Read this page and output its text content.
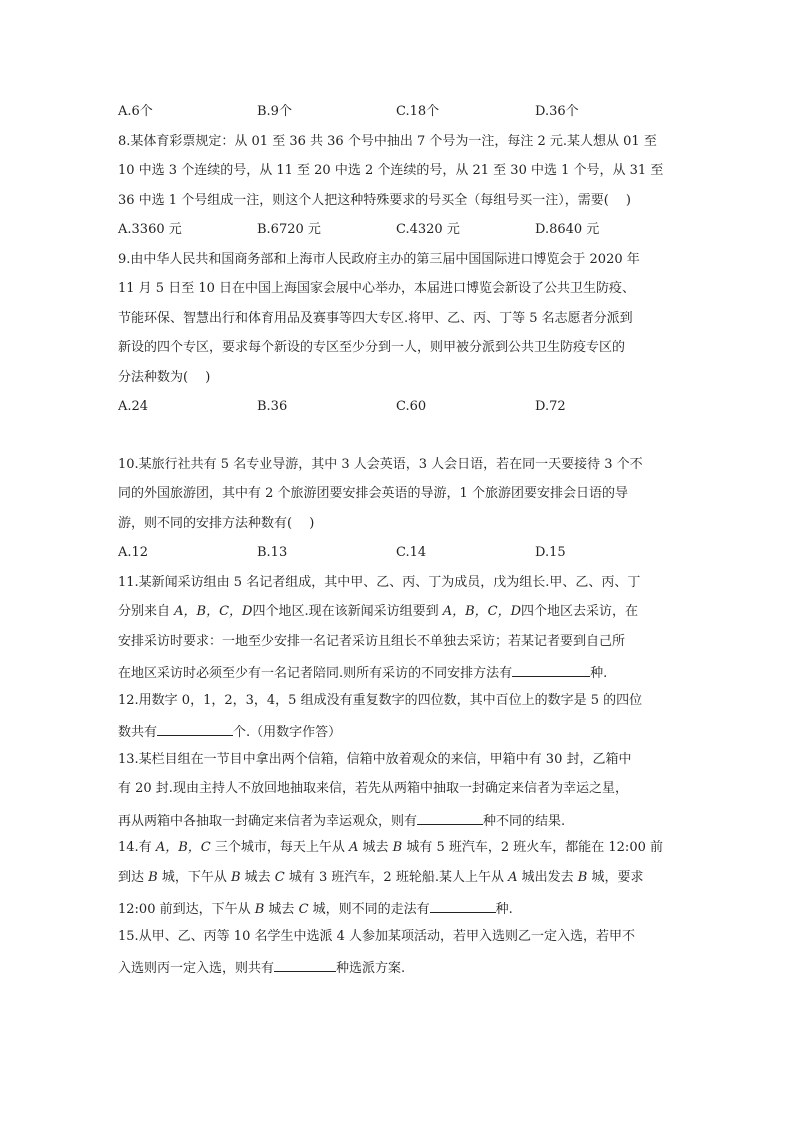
A.6个	B.9个	C.18个	D.36个
8.某体育彩票规定：从 01 至 36 共 36 个号中抽出 7 个号为一注，每注 2 元.某人想从 01 至
10 中选 3 个连续的号，从 11 至 20 中选 2 个连续的号，从 21 至 30 中选 1 个号，从 31 至
36 中选 1 个号组成一注，则这个人把这种特殊要求的号买全（每组号买一注），需要(　 )
A.3360 元	B.6720 元	C.4320 元	D.8640 元
9.由中华人民共和国商务部和上海市人民政府主办的第三届中国国际进口博览会于 2020 年
11 月 5 日至 10 日在中国上海国家会展中心举办，本届进口博览会新设了公共卫生防疫、
节能环保、智慧出行和体育用品及赛事等四大专区.将甲、乙、丙、丁等 5 名志愿者分派到
新设的四个专区，要求每个新设的专区至少分到一人，则甲被分派到公共卫生防疫专区的
分法种数为(　 )
A.24	B.36	C.60	D.72
10.某旅行社共有 5 名专业导游，其中 3 人会英语，3 人会日语，若在同一天要接待 3 个不
同的外国旅游团，其中有 2 个旅游团要安排会英语的导游，1 个旅游团要安排会日语的导
游，则不同的安排方法种数有(　 )
A.12	B.13	C.14	D.15
11.某新闻采访组由 5 名记者组成，其中甲、乙、丙、丁为成员，戊为组长.甲、乙、丙、丁
分别来自 A，B，C，D四个地区.现在该新闻采访组要到 A，B，C，D四个地区去采访，在
安排采访时要求：一地至少安排一名记者采访且组长不单独去采访；若某记者要到自己所
在地区采访时必须至少有一名记者陪同.则所有采访的不同安排方法有	种.
12.用数字 0，1，2，3，4，5 组成没有重复数字的四位数，其中百位上的数字是 5 的四位
数共有	个.（用数字作答）
13.某栏目组在一节目中拿出两个信箱，信箱中放着观众的来信，甲箱中有 30 封，乙箱中
有 20 封.现由主持人不放回地抽取来信，若先从两箱中抽取一封确定来信者为幸运之星，
再从两箱中各抽取一封确定来信者为幸运观众，则有	种不同的结果.
14.有 A，B，C 三个城市，每天上午从 A 城去 B 城有 5 班汽车，2 班火车，都能在 12:00 前
到达 B 城，下午从 B 城去 C 城有 3 班汽车，2 班轮船.某人上午从 A 城出发去 B 城，要求
12:00 前到达，下午从 B 城去 C 城，则不同的走法有	种.
15.从甲、乙、丙等 10 名学生中选派 4 人参加某项活动，若甲入选则乙一定入选，若甲不
入选则丙一定入选，则共有	种选派方案.
